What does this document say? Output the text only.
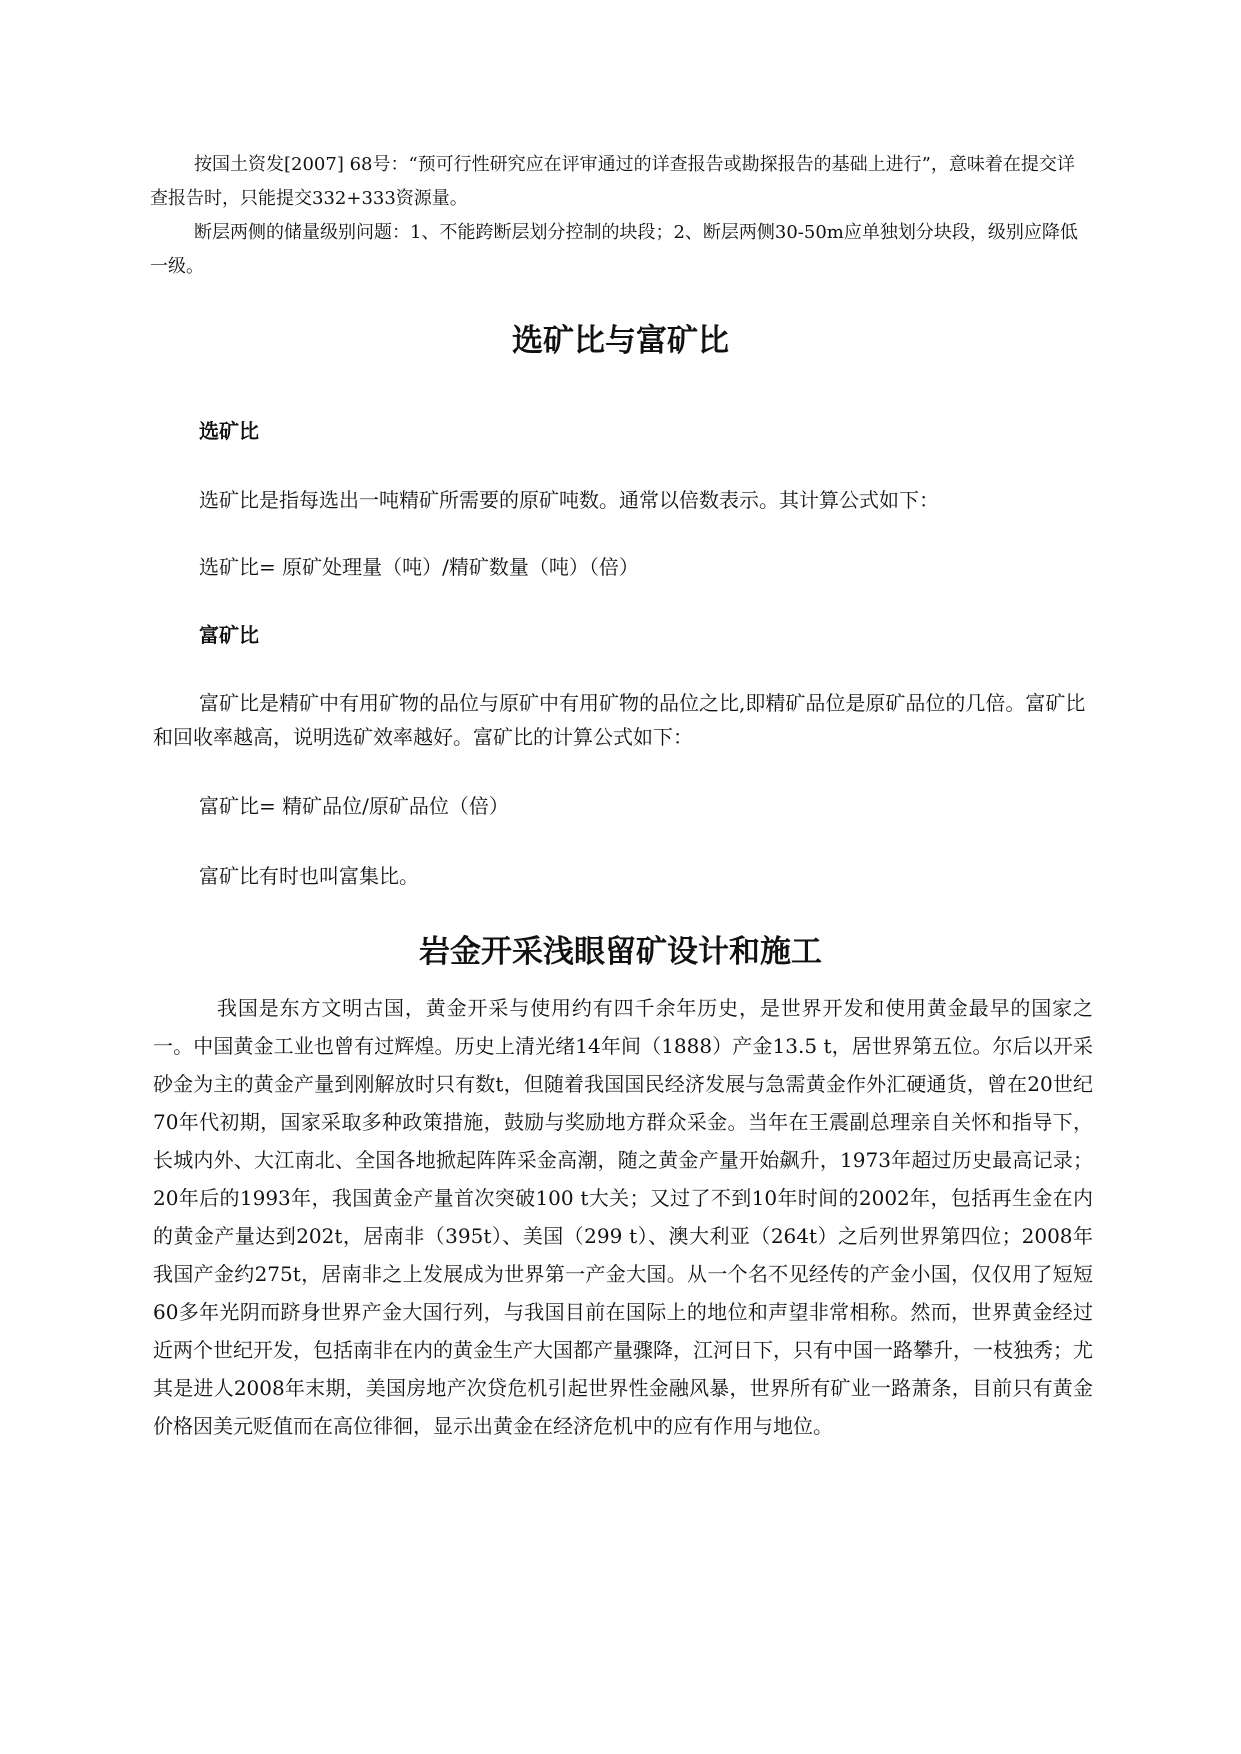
按国土资发[2007] 68号：“预可行性研究应在评审通过的详查报告或勘探报告的基础上进行”，意味着在提交详查报告时，只能提交332+333资源量。

断层两侧的储量级别问题：1、不能跨断层划分控制的块段；2、断层两侧30-50m应单独划分块段，级别应降低一级。

选矿比与富矿比
选矿比

选矿比是指每选出一吨精矿所需要的原矿吨数。通常以倍数表示。其计算公式如下：

选矿比= 原矿处理量（吨）/精矿数量（吨）（倍）

富矿比

富矿比是精矿中有用矿物的品位与原矿中有用矿物的品位之比,即精矿品位是原矿品位的几倍。富矿比和回收率越高，说明选矿效率越好。富矿比的计算公式如下：

富矿比= 精矿品位/原矿品位（倍）

富矿比有时也叫富集比。

岩金开采浅眼留矿设计和施工

我国是东方文明古国，黄金开采与使用约有四千余年历史，是世界开发和使用黄金最早的国家之一。中国黄金工业也曾有过辉煌。历史上清光绪14年间（1888）产金13.5 t，居世界第五位。尔后以开采砂金为主的黄金产量到刚解放时只有数t，但随着我国国民经济发展与急需黄金作外汇硬通货，曾在20世纪70年代初期，国家采取多种政策措施，鼓励与奖励地方群众采金。当年在王震副总理亲自关怀和指导下，长城内外、大江南北、全国各地掀起阵阵采金高潮，随之黄金产量开始飙升，1973年超过历史最高记录；20年后的1993年，我国黄金产量首次突破100 t大关；又过了不到10年时间的2002年，包括再生金在内的黄金产量达到202t，居南非（395t）、美国（299 t）、澳大利亚（264t）之后列世界第四位；2008年我国产金约275t，居南非之上发展成为世界第一产金大国。从一个名不见经传的产金小国，仅仅用了短短60多年光阴而跻身世界产金大国行列，与我国目前在国际上的地位和声望非常相称。然而，世界黄金经过近两个世纪开发，包括南非在内的黄金生产大国都产量骤降，江河日下，只有中国一路攀升，一枝独秀；尤其是进人2008年末期，美国房地产次贷危机引起世界性金融风暴，世界所有矿业一路萧条，目前只有黄金价格因美元贬值而在高位徘徊，显示出黄金在经济危机中的应有作用与地位。
